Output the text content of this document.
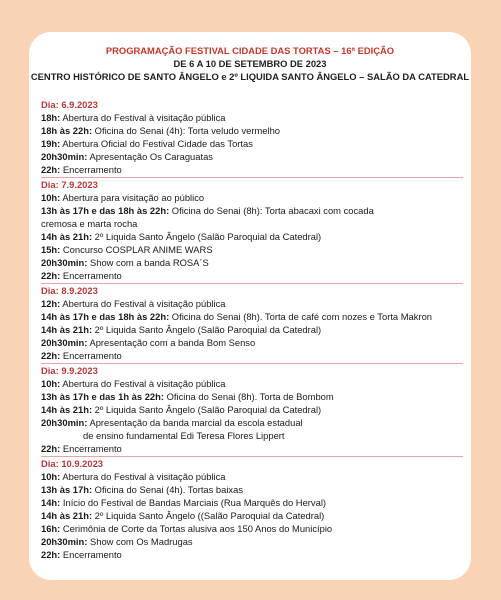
PROGRAMAÇÃO FESTIVAL CIDADE DAS TORTAS – 16ª EDIÇÃO
DE 6 A 10 DE SETEMBRO DE 2023
CENTRO HISTÓRICO DE SANTO ÂNGELO e 2º LIQUIDA SANTO ÂNGELO – SALÃO DA CATEDRAL
Dia: 6.9.2023
18h: Abertura do Festival à visitação pública
18h às 22h: Oficina do Senai (4h): Torta veludo vermelho
19h: Abertura Oficial do Festival Cidade das Tortas
20h30min: Apresentação Os Caraguatas
22h: Encerramento
Dia: 7.9.2023
10h: Abertura para visitação ao público
13h às 17h e das 18h às 22h: Oficina do Senai (8h): Torta abacaxi com cocada
cremosa e marta rocha
14h às 21h: 2º Liquida Santo Ângelo (Salão Paroquial da Catedral)
15h: Concurso COSPLAR ANIME WARS
20h30min: Show com a banda ROSA´S
22h: Encerramento
Dia: 8.9.2023
12h: Abertura do Festival à visitação pública
14h às 17h e das 18h às 22h: Oficina do Senai (8h). Torta de café com nozes e Torta Makron
14h às 21h: 2º Liquida Santo Ângelo (Salão Paroquial da Catedral)
20h30min: Apresentação com a banda Bom Senso
22h: Encerramento
Dia: 9.9.2023
10h: Abertura do Festival à visitação pública
13h às 17h e das 1h às 22h: Oficina do Senai (8h). Torta de Bombom
14h às 21h: 2º Liquida Santo Ângelo (Salão Paroquial da Catedral)
20h30min: Apresentação da banda marcial da escola estadual
de ensino fundamental Edi Teresa Flores Lippert
22h: Encerramento
Dia: 10.9.2023
10h: Abertura do Festival à visitação pública
13h às 17h: Oficina do Senai (4h). Tortas baixas
14h: Início do Festival de Bandas Marciais (Rua Marquês do Herval)
14h às 21h: 2º Liquida Santo Ângelo ((Salão Paroquial da Catedral)
16h: Cerimônia de Corte da Tortas alusiva aos 150 Anos do Município
20h30min: Show com Os Madrugas
22h: Encerramento
